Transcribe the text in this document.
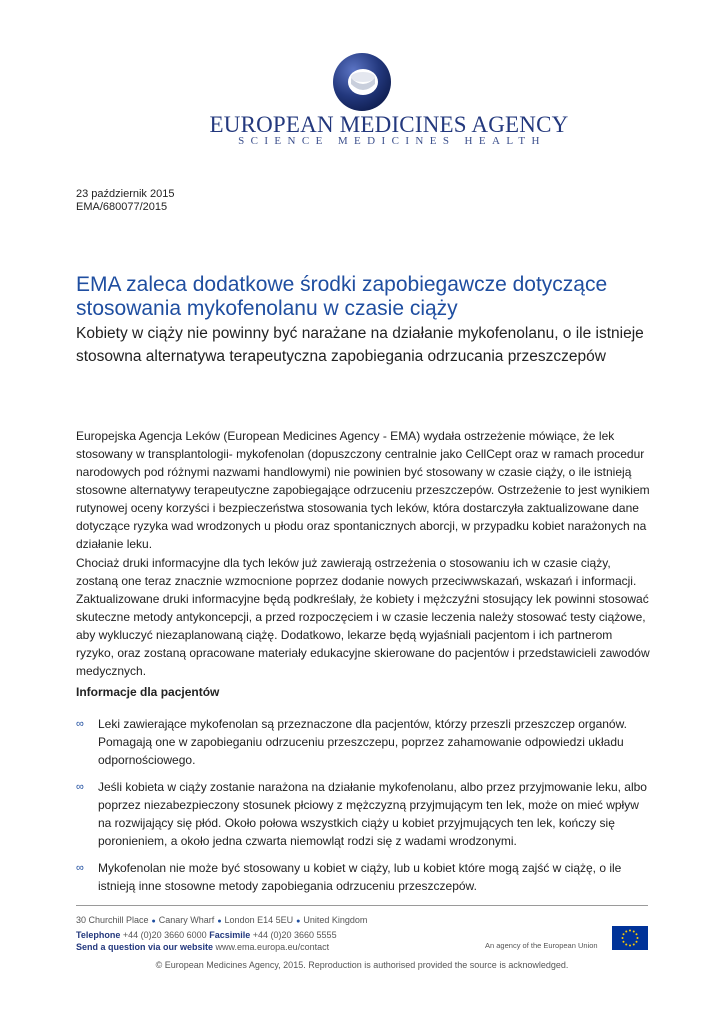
EUROPEAN MEDICINES AGENCY
SCIENCE MEDICINES HEALTH
23 październik 2015
EMA/680077/2015
EMA zaleca dodatkowe środki zapobiegawcze dotyczące stosowania mykofenolanu w czasie ciąży
Kobiety w ciąży nie powinny być narażane na działanie mykofenolanu, o ile istnieje stosowna alternatywa terapeutyczna zapobiegania odrzucania przeszczepów

Europejska Agencja Leków (European Medicines Agency - EMA) wydała ostrzeżenie mówiące, że lek stosowany w transplantologii- mykofenolan (dopuszczony centralnie jako CellCept oraz w ramach procedur narodowych pod różnymi nazwami handlowymi) nie powinien być stosowany w czasie ciąży, o ile istnieją stosowne alternatywy terapeutyczne zapobiegające odrzuceniu przeszczepów. Ostrzeżenie to jest wynikiem rutynowej oceny korzyści i bezpieczeństwa stosowania tych leków, która dostarczyła zaktualizowane dane dotyczące ryzyka wad wrodzonych u płodu oraz spontanicznych aborcji, w przypadku kobiet narażonych na działanie leku.

Chociaż druki informacyjne dla tych leków już zawierają ostrzeżenia o stosowaniu ich w czasie ciąży, zostaną one teraz znacznie wzmocnione poprzez dodanie nowych przeciwwskazań, wskazań i informacji. Zaktualizowane druki informacyjne będą podkreślały, że kobiety i mężczyźni stosujący lek powinni stosować skuteczne metody antykoncepcji, a przed rozpoczęciem i w czasie leczenia należy stosować testy ciążowe, aby wykluczyć niezaplanowaną ciążę. Dodatkowo, lekarze będą wyjaśniali pacjentom i ich partnerom ryzyko, oraz zostaną opracowane materiały edukacyjne skierowane do pacjentów i przedstawicieli zawodów medycznych.

Informacje dla pacjentów
∞ Leki zawierające mykofenolan są przeznaczone dla pacjentów, którzy przeszli przeszczep organów. Pomagają one w zapobieganiu odrzuceniu przeszczepu, poprzez zahamowanie odpowiedzi układu odpornościowego.
∞ Jeśli kobieta w ciąży zostanie narażona na działanie mykofenolanu, albo przez przyjmowanie leku, albo poprzez niezabezpieczony stosunek płciowy z mężczyzną przyjmującym ten lek, może on mieć wpływ na rozwijający się płód. Około połowa wszystkich ciąży u kobiet przyjmujących ten lek, kończy się poronieniem, a około jedna czwarta niemowląt rodzi się z wadami wrodzonymi.
∞ Mykofenolan nie może być stosowany u kobiet w ciąży, lub u kobiet które mogą zajść w ciążę, o ile istnieją inne stosowne metody zapobiegania odrzuceniu przeszczepów.
30 Churchill Place ● Canary Wharf ● London E14 5EU ● United Kingdom
Telephone +44 (0)20 3660 6000 Facsimile +44 (0)20 3660 5555
Send a question via our website www.ema.europa.eu/contact	An agency of the European Union
© European Medicines Agency, 2015. Reproduction is authorised provided the source is acknowledged.
